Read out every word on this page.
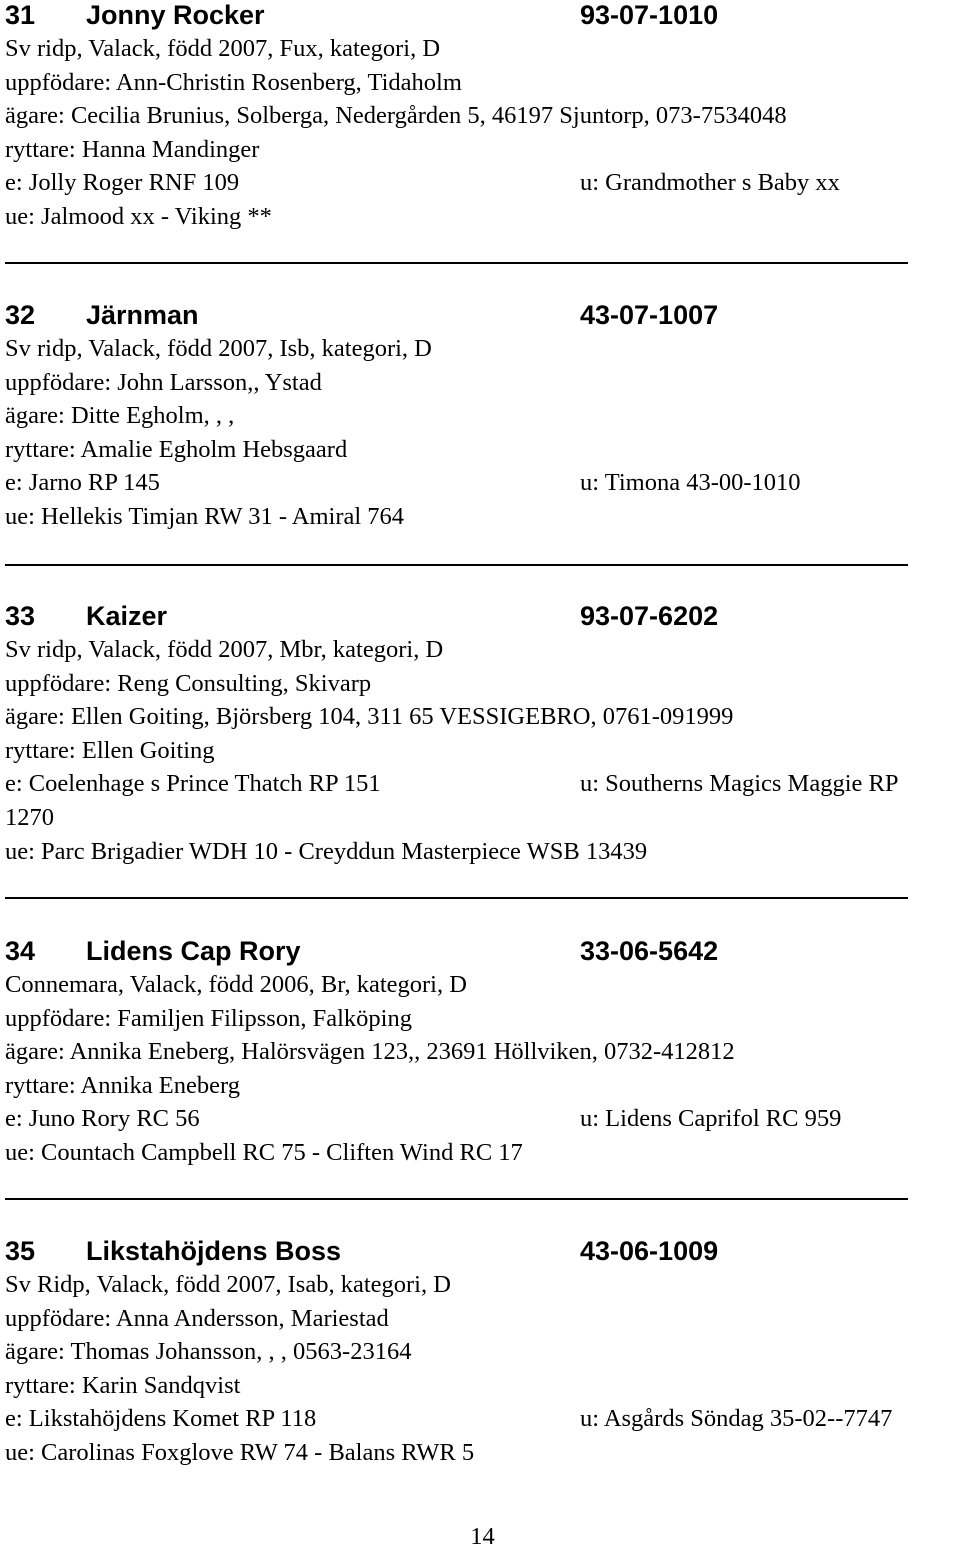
31 Jonny Rocker	93-07-1010
Sv ridp, Valack, född 2007, Fux, kategori, D
uppfödare: Ann-Christin Rosenberg, Tidaholm
ägare: Cecilia Brunius, Solberga, Nedergården 5, 46197 Sjuntorp, 073-7534048
ryttare: Hanna Mandinger
e: Jolly Roger RNF 109	u: Grandmother s Baby xx
ue: Jalmood xx - Viking **
32 Järnman	43-07-1007
Sv ridp, Valack, född 2007, Isb, kategori, D
uppfödare: John Larsson,, Ystad
ägare: Ditte Egholm, , ,
ryttare: Amalie Egholm Hebsgaard
e: Jarno RP 145	u: Timona 43-00-1010
ue: Hellekis Timjan RW 31 - Amiral 764
33 Kaizer	93-07-6202
Sv ridp, Valack, född 2007, Mbr, kategori, D
uppfödare: Reng Consulting, Skivarp
ägare: Ellen Goiting, Björsberg 104, 311 65 VESSIGEBRO, 0761-091999
ryttare: Ellen Goiting
e: Coelenhage s Prince Thatch RP 151	u: Southerns Magics Maggie RP
1270
ue: Parc Brigadier WDH 10 - Creyddun Masterpiece WSB 13439
34 Lidens Cap Rory	33-06-5642
Connemara, Valack, född 2006, Br, kategori, D
uppfödare: Familjen Filipsson, Falköping
ägare: Annika Eneberg, Halörsvägen 123,, 23691 Höllviken, 0732-412812
ryttare: Annika Eneberg
e: Juno Rory RC 56	u: Lidens Caprifol RC 959
ue: Countach Campbell RC 75 - Cliften Wind RC 17
35 Likstahöjdens Boss	43-06-1009
Sv Ridp, Valack, född 2007, Isab, kategori, D
uppfödare: Anna Andersson, Mariestad
ägare: Thomas Johansson, , , 0563-23164
ryttare: Karin Sandqvist
e: Likstahöjdens Komet RP 118	u: Asgårds Söndag 35-02--7747
ue: Carolinas Foxglove RW 74 - Balans RWR 5
14
